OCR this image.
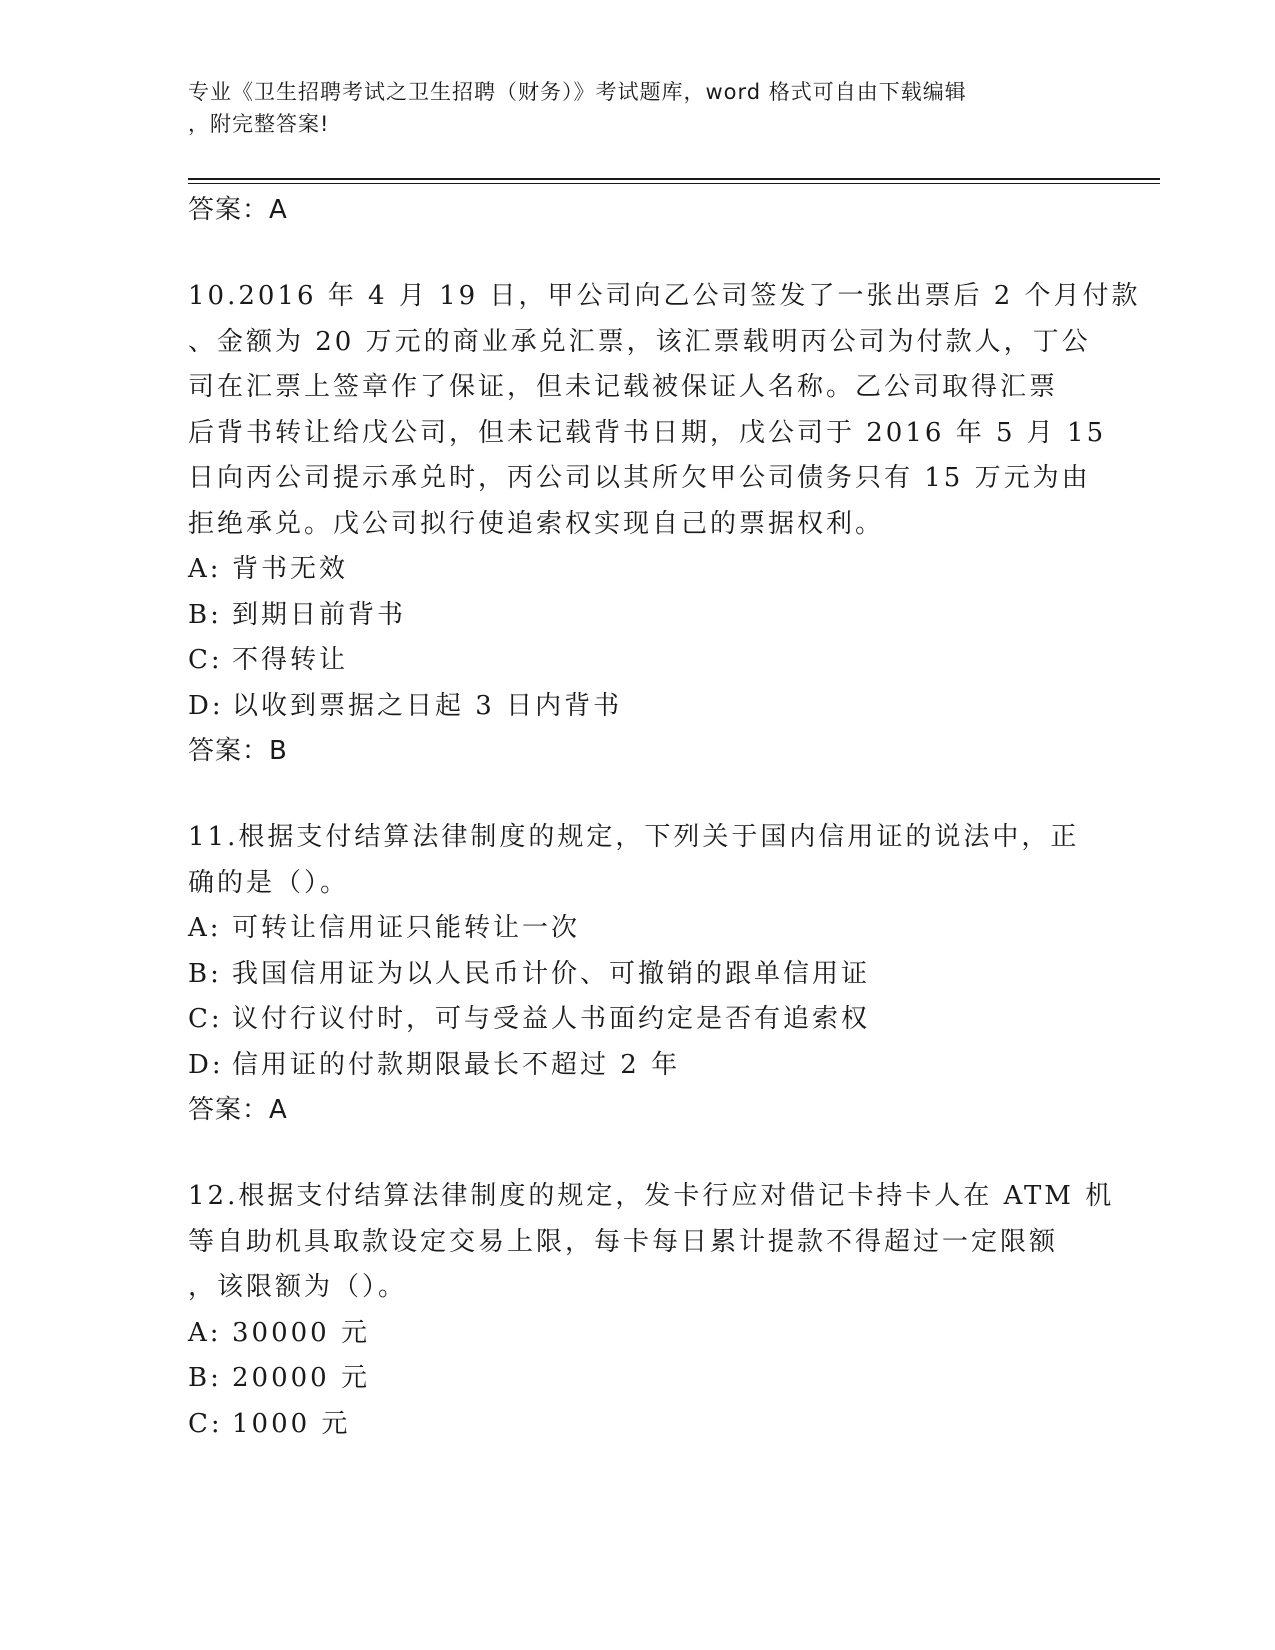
专业《卫生招聘考试之卫生招聘（财务）》考试题库，word 格式可自由下载编辑
，附完整答案!
答案：A
10.2016 年 4 月 19 日，甲公司向乙公司签发了一张出票后 2 个月付款
、金额为 20 万元的商业承兑汇票，该汇票载明丙公司为付款人，丁公
司在汇票上签章作了保证，但未记载被保证人名称。乙公司取得汇票
后背书转让给戊公司，但未记载背书日期，戊公司于 2016 年 5 月 15
日向丙公司提示承兑时，丙公司以其所欠甲公司债务只有 15 万元为由
拒绝承兑。戊公司拟行使追索权实现自己的票据权利。
A: 背书无效
B: 到期日前背书
C: 不得转让
D: 以收到票据之日起 3 日内背书
答案：B
11.根据支付结算法律制度的规定，下列关于国内信用证的说法中，正
确的是（）。
A: 可转让信用证只能转让一次
B: 我国信用证为以人民币计价、可撤销的跟单信用证
C: 议付行议付时，可与受益人书面约定是否有追索权
D: 信用证的付款期限最长不超过 2 年
答案：A
12.根据支付结算法律制度的规定，发卡行应对借记卡持卡人在 ATM 机
等自助机具取款设定交易上限，每卡每日累计提款不得超过一定限额
，该限额为（）。
A: 30000 元
B: 20000 元
C: 1000 元
